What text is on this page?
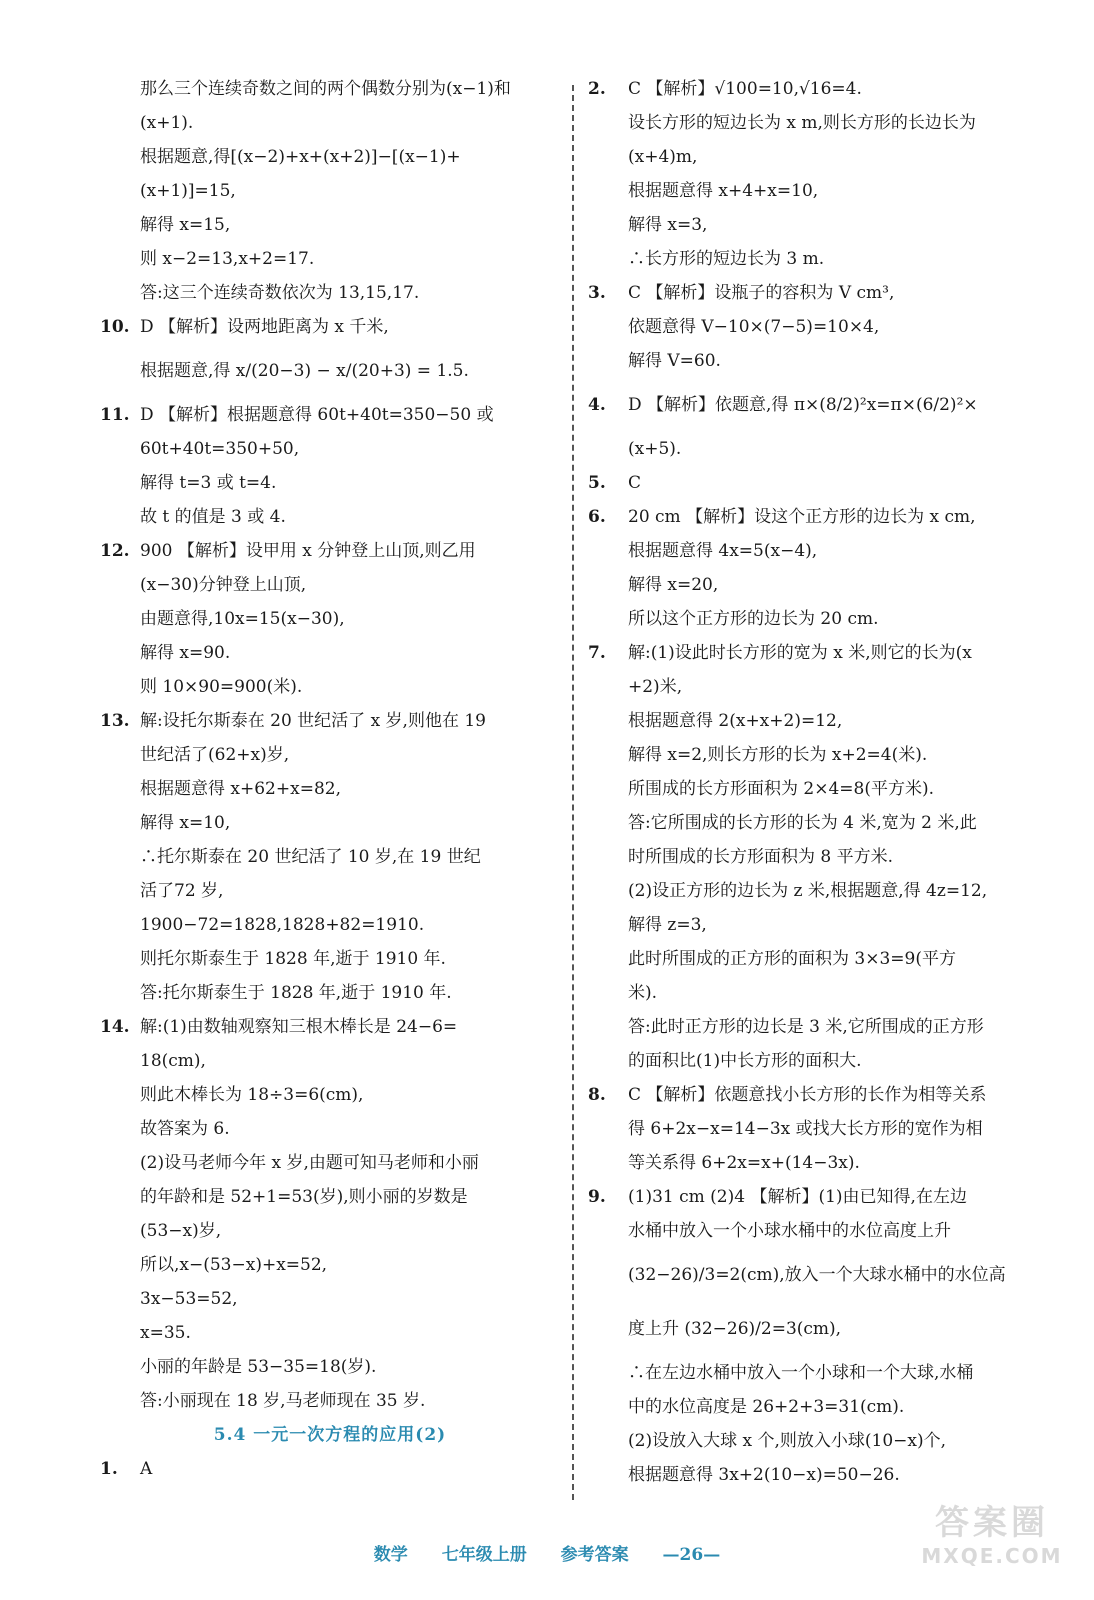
那么三个连续奇数之间的两个偶数分别为(x−1)和
(x+1).
根据题意,得[(x−2)+x+(x+2)]−[(x−1)+
(x+1)]=15,
解得 x=15,
则 x−2=13,x+2=17.
答:这三个连续奇数依次为 13,15,17.
10. D 【解析】设两地距离为 x 千米,
根据题意,得 x/(20−3) − x/(20+3) = 1.5.
11. D 【解析】根据题意得 60t+40t=350−50 或
60t+40t=350+50,
解得 t=3 或 t=4.
故 t 的值是 3 或 4.
12. 900 【解析】设甲用 x 分钟登上山顶,则乙用
(x−30)分钟登上山顶,
由题意得,10x=15(x−30),
解得 x=90.
则 10×90=900(米).
13. 解:设托尔斯泰在 20 世纪活了 x 岁,则他在 19
世纪活了(62+x)岁,
根据题意得 x+62+x=82,
解得 x=10,
∴托尔斯泰在 20 世纪活了 10 岁,在 19 世纪
活了72 岁,
1900−72=1828,1828+82=1910.
则托尔斯泰生于 1828 年,逝于 1910 年.
答:托尔斯泰生于 1828 年,逝于 1910 年.
14. 解:(1)由数轴观察知三根木棒长是 24−6=
18(cm),
则此木棒长为 18÷3=6(cm),
故答案为 6.
(2)设马老师今年 x 岁,由题可知马老师和小丽
的年龄和是 52+1=53(岁),则小丽的岁数是
(53−x)岁,
所以,x−(53−x)+x=52,
3x−53=52,
x=35.
小丽的年龄是 53−35=18(岁).
答:小丽现在 18 岁,马老师现在 35 岁.
5.4 一元一次方程的应用(2)
1. A
2. C 【解析】√100=10,√16=4.
设长方形的短边长为 x m,则长方形的长边长为
(x+4)m,
根据题意得 x+4+x=10,
解得 x=3,
∴长方形的短边长为 3 m.
3. C 【解析】设瓶子的容积为 V cm³,
依题意得 V−10×(7−5)=10×4,
解得 V=60.
4. D 【解析】依题意,得 π×(8/2)²x=π×(6/2)²×
(x+5).
5. C
6. 20 cm 【解析】设这个正方形的边长为 x cm,
根据题意得 4x=5(x−4),
解得 x=20,
所以这个正方形的边长为 20 cm.
7. 解:(1)设此时长方形的宽为 x 米,则它的长为(x
+2)米,
根据题意得 2(x+x+2)=12,
解得 x=2,则长方形的长为 x+2=4(米).
所围成的长方形面积为 2×4=8(平方米).
答:它所围成的长方形的长为 4 米,宽为 2 米,此
时所围成的长方形面积为 8 平方米.
(2)设正方形的边长为 z 米,根据题意,得 4z=12,
解得 z=3,
此时所围成的正方形的面积为 3×3=9(平方
米).
答:此时正方形的边长是 3 米,它所围成的正方形
的面积比(1)中长方形的面积大.
8. C 【解析】依题意找小长方形的长作为相等关系
得 6+2x−x=14−3x 或找大长方形的宽作为相
等关系得 6+2x=x+(14−3x).
9. (1)31 cm (2)4 【解析】(1)由已知得,在左边
水桶中放入一个小球水桶中的水位高度上升
(32−26)/3=2(cm),放入一个大球水桶中的水位高
度上升 (32−26)/2=3(cm),
∴在左边水桶中放入一个小球和一个大球,水桶
中的水位高度是 26+2+3=31(cm).
(2)设放入大球 x 个,则放入小球(10−x)个,
根据题意得 3x+2(10−x)=50−26.
数学 七年级上册 参考答案 —26—
答案圈
MXQE.COM
